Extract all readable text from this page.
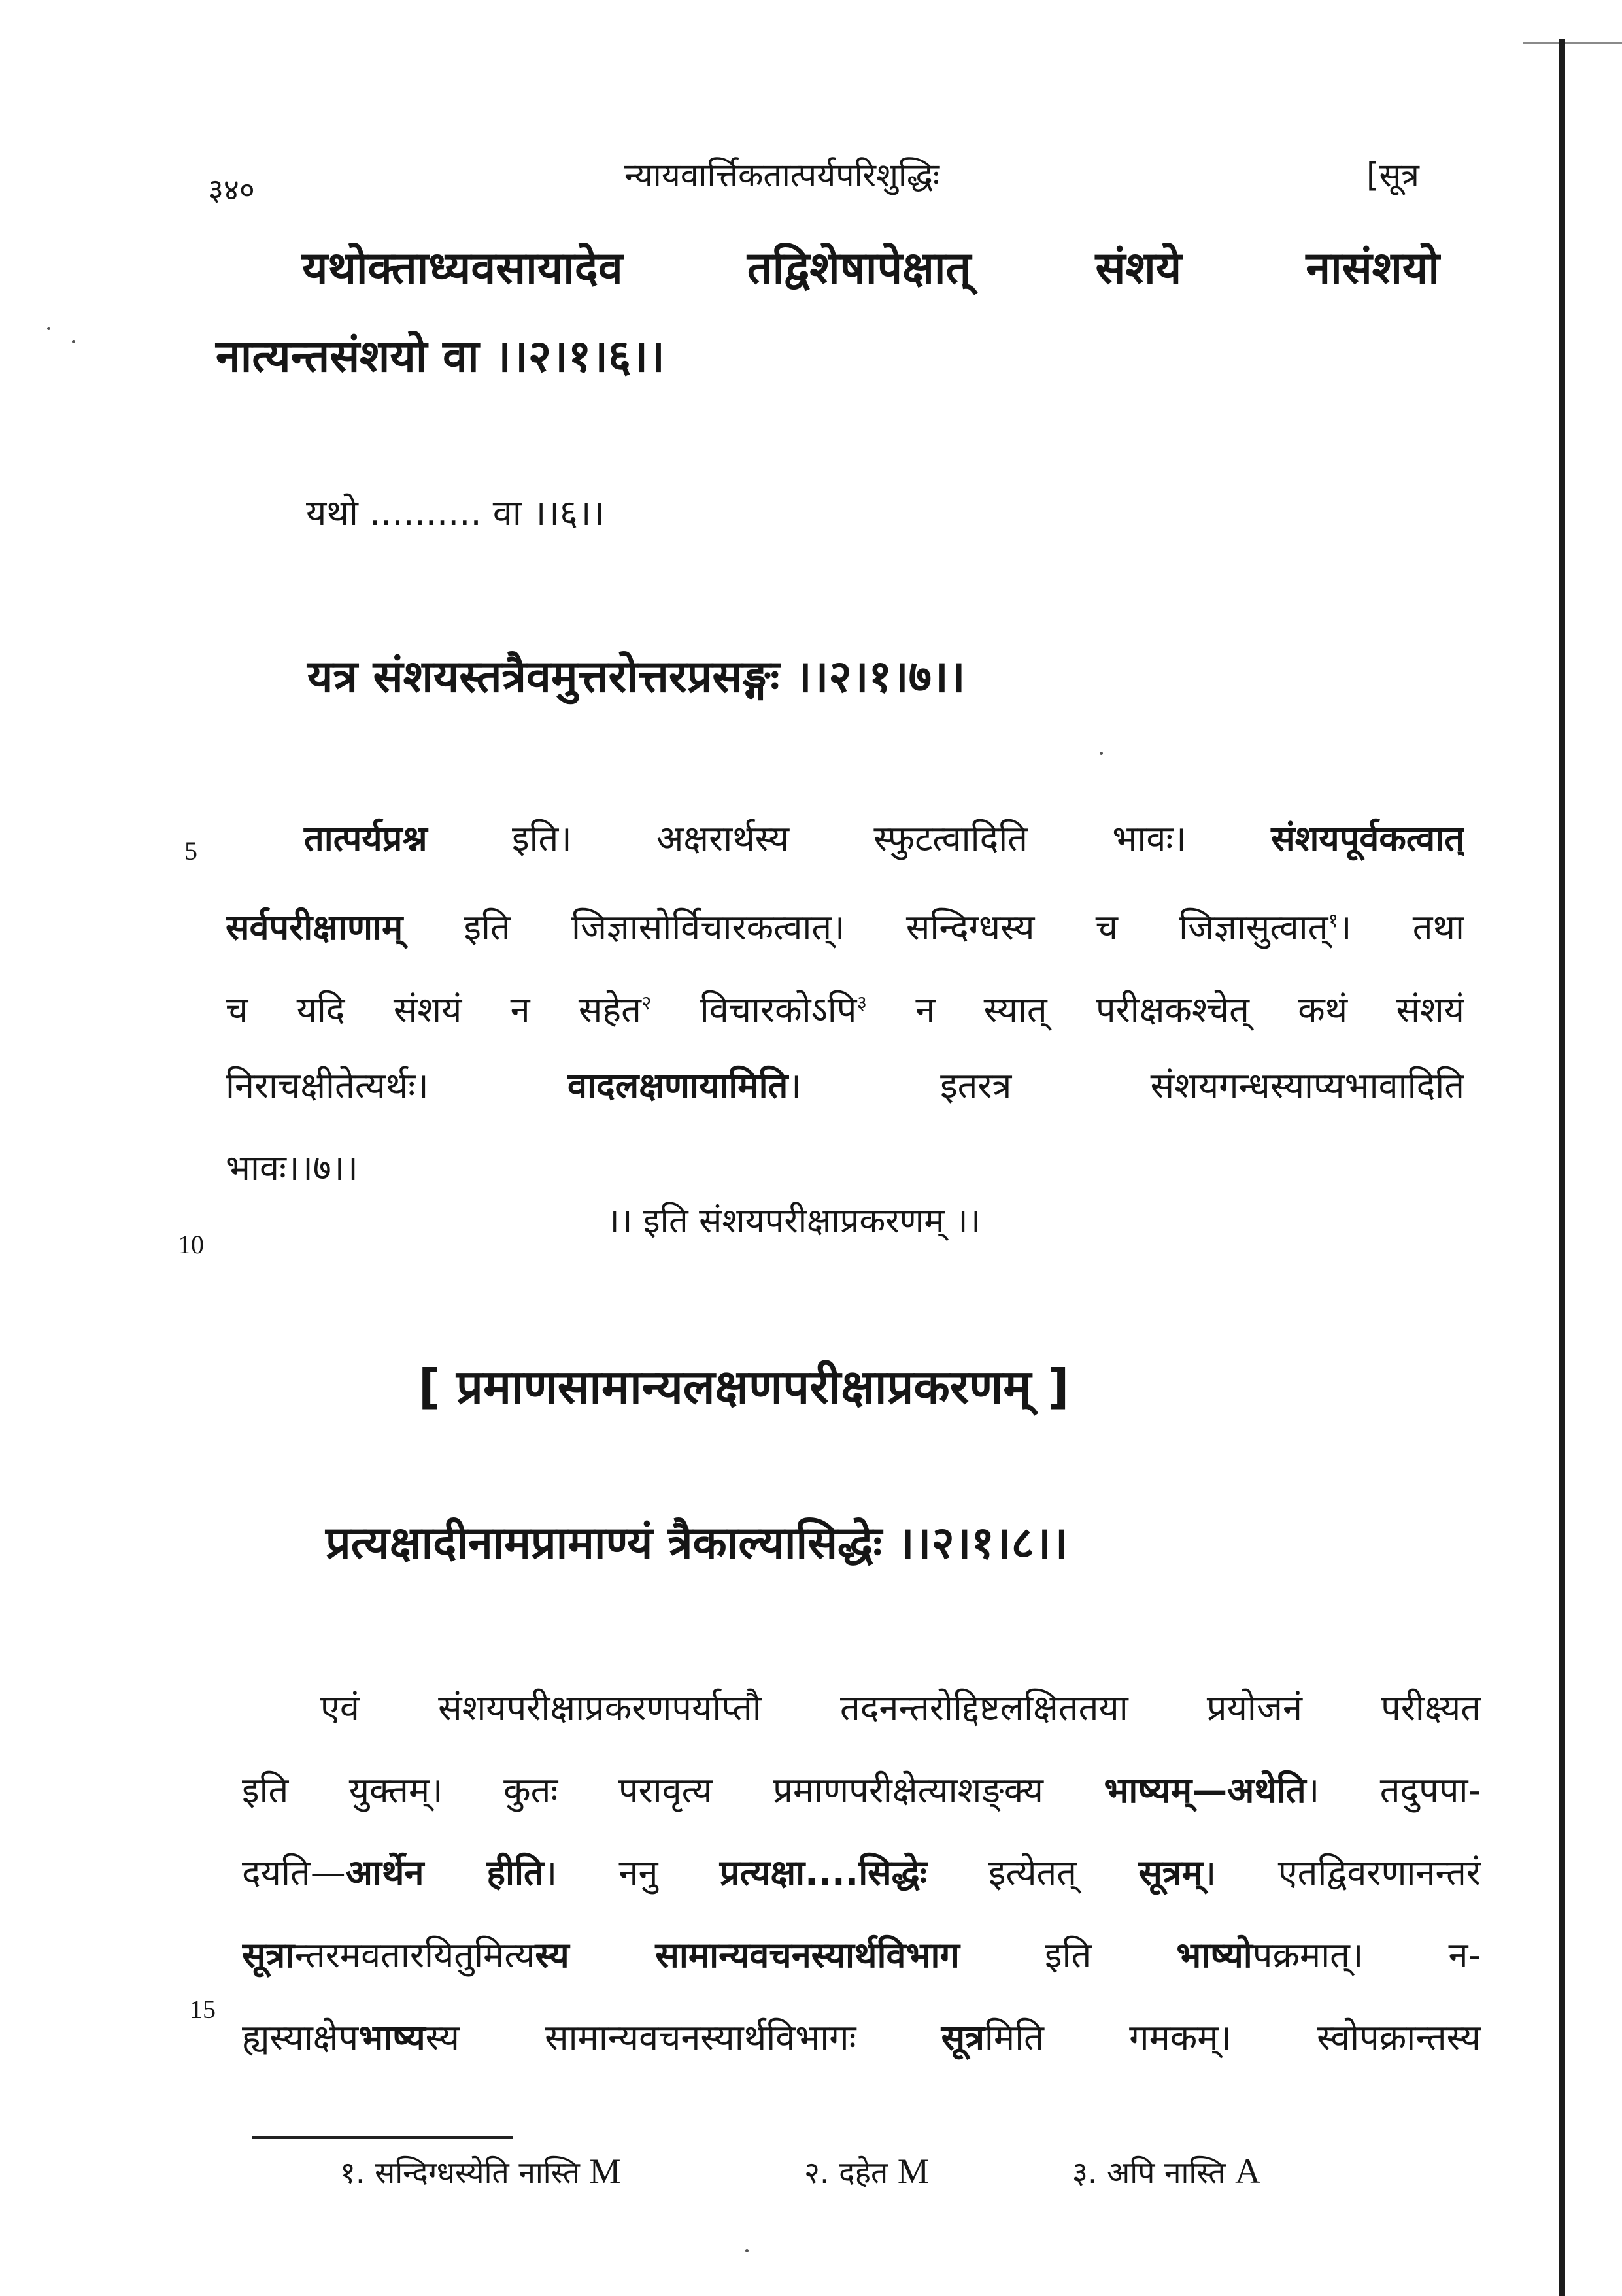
३४०	न्यायवार्त्तिकतात्पर्यपरिशुद्धिः	[सूत्र
यथोक्ताध्यवसायादेव	तद्विशेषापेक्षात्	संशये	नासंशयो
नात्यन्तसंशयो वा ।।२।१।६।।
यथो .......... वा ।।६।।
यत्र संशयस्तत्रैवमुत्तरोत्तरप्रसङ्गः ।।२।१।७।।
5
10
15
तात्पर्यप्रश्न इति। अक्षरार्थस्य स्फुटत्वादिति भावः। संशयपूर्वकत्वात्
सर्वपरीक्षाणाम् इति जिज्ञासोर्विचारकत्वात्। सन्दिग्धस्य च जिज्ञासुत्वात्$^१$। तथा
च यदि संशयं न सहेत$^२$ विचारकोऽपि$^३$ न स्यात् परीक्षकश्चेत् कथं संशयं
निराचक्षीतेत्यर्थः। वादलक्षणायामिति। इतरत्र संशयगन्धस्याप्यभावादिति
भावः।।७।।
।। इति संशयपरीक्षाप्रकरणम् ।।
[ प्रमाणसामान्यलक्षणपरीक्षाप्रकरणम् ]
प्रत्यक्षादीनामप्रामाण्यं त्रैकाल्यासिद्धेः ।।२।१।८।।
एवं संशयपरीक्षाप्रकरणपर्याप्तौ तदनन्तरोद्दिष्टलक्षिततया प्रयोजनं परीक्ष्यत
इति युक्तम्। कुतः परावृत्य प्रमाणपरीक्षेत्याशङ्क्य भाष्यम्—अथेति। तदुपपा-
दयति—आर्थेन हीति। ननु प्रत्यक्षा....सिद्धेः इत्येतत् सूत्रम्। एतद्विवरणानन्तरं
सूत्रान्तरमवतारयितुमित्यस्य सामान्यवचनस्यार्थविभाग इति भाष्योपक्रमात्। न-
ह्यस्याक्षेपभाष्यस्य सामान्यवचनस्यार्थविभागः सूत्रमिति गमकम्। स्वोपक्रान्तस्य
१. सन्दिग्धस्येति नास्ति M	२. दहेत M	३. अपि नास्ति A
